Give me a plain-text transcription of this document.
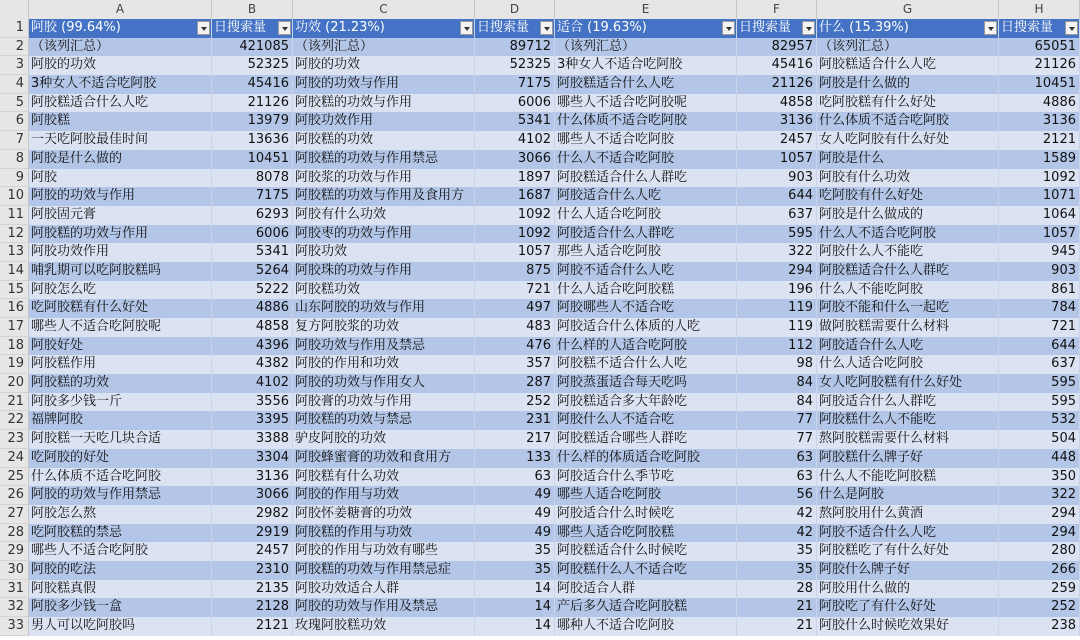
A	B	C	D	E	F	G	H
1 阿胶 (99.64%)	日搜索量	功效 (21.23%)	日搜索量	适合 (19.63%)	日搜索量	什么 (15.39%)	日搜索量
2 （该列汇总）	421085 （该列汇总）	89712 （该列汇总）	82957 （该列汇总）	65051
3 阿胶的功效	52325 阿胶的功效	52325 3种女人不适合吃阿胶	45416 阿胶糕适合什么人吃	21126
4 3种女人不适合吃阿胶	45416 阿胶的功效与作用	7175 阿胶糕适合什么人吃	21126 阿胶是什么做的	10451
5 阿胶糕适合什么人吃	21126 阿胶糕的功效与作用	6006 哪些人不适合吃阿胶呢	4858 吃阿胶糕有什么好处	4886
6 阿胶糕	13979 阿胶功效作用	5341 什么体质不适合吃阿胶	3136 什么体质不适合吃阿胶	3136
7 一天吃阿胶最佳时间	13636 阿胶糕的功效	4102 哪些人不适合吃阿胶	2457 女人吃阿胶有什么好处	2121
8 阿胶是什么做的	10451 阿胶糕的功效与作用禁忌	3066 什么人不适合吃阿胶	1057 阿胶是什么	1589
9 阿胶	8078 阿胶浆的功效与作用	1897 阿胶糕适合什么人群吃	903 阿胶有什么功效	1092
10 阿胶的功效与作用	7175 阿胶糕的功效与作用及食用方	1687 阿胶适合什么人吃	644 吃阿胶有什么好处	1071
11 阿胶固元膏	6293 阿胶有什么功效	1092 什么人适合吃阿胶	637 阿胶是什么做成的	1064
12 阿胶糕的功效与作用	6006 阿胶枣的功效与作用	1092 阿胶适合什么人群吃	595 什么人不适合吃阿胶	1057
13 阿胶功效作用	5341 阿胶功效	1057 那些人适合吃阿胶	322 阿胶什么人不能吃	945
14 哺乳期可以吃阿胶糕吗	5264 阿胶珠的功效与作用	875 阿胶不适合什么人吃	294 阿胶糕适合什么人群吃	903
15 阿胶怎么吃	5222 阿胶糕功效	721 什么人适合吃阿胶糕	196 什么人不能吃阿胶	861
16 吃阿胶糕有什么好处	4886 山东阿胶的功效与作用	497 阿胶哪些人不适合吃	119 阿胶不能和什么一起吃	784
17 哪些人不适合吃阿胶呢	4858 复方阿胶浆的功效	483 阿胶适合什么体质的人吃	119 做阿胶糕需要什么材料	721
18 阿胶好处	4396 阿胶功效与作用及禁忌	476 什么样的人适合吃阿胶	112 阿胶适合什么人吃	644
19 阿胶糕作用	4382 阿胶的作用和功效	357 阿胶糕不适合什么人吃	98 什么人适合吃阿胶	637
20 阿胶糕的功效	4102 阿胶的功效与作用女人	287 阿胶蒸蛋适合每天吃吗	84 女人吃阿胶糕有什么好处	595
21 阿胶多少钱一斤	3556 阿胶膏的功效与作用	252 阿胶糕适合多大年龄吃	84 阿胶适合什么人群吃	595
22 福牌阿胶	3395 阿胶糕的功效与禁忌	231 阿胶什么人不适合吃	77 阿胶糕什么人不能吃	532
23 阿胶糕一天吃几块合适	3388 驴皮阿胶的功效	217 阿胶糕适合哪些人群吃	77 熬阿胶糕需要什么材料	504
24 吃阿胶的好处	3304 阿胶蜂蜜膏的功效和食用方	133 什么样的体质适合吃阿胶	63 阿胶糕什么牌子好	448
25 什么体质不适合吃阿胶	3136 阿胶糕有什么功效	63 阿胶适合什么季节吃	63 什么人不能吃阿胶糕	350
26 阿胶的功效与作用禁忌	3066 阿胶的作用与功效	49 哪些人适合吃阿胶	56 什么是阿胶	322
27 阿胶怎么熬	2982 阿胶怀姜糖膏的功效	49 阿胶适合什么时候吃	42 熬阿胶用什么黄酒	294
28 吃阿胶糕的禁忌	2919 阿胶糕的作用与功效	49 哪些人适合吃阿胶糕	42 阿胶不适合什么人吃	294
29 哪些人不适合吃阿胶	2457 阿胶的作用与功效有哪些	35 阿胶糕适合什么时候吃	35 阿胶糕吃了有什么好处	280
30 阿胶的吃法	2310 阿胶糕的功效与作用禁忌症	35 阿胶糕什么人不适合吃	35 阿胶什么牌子好	266
31 阿胶糕真假	2135 阿胶功效适合人群	14 阿胶适合人群	28 阿胶用什么做的	259
32 阿胶多少钱一盒	2128 阿胶的功效与作用及禁忌	14 产后多久适合吃阿胶糕	21 阿胶吃了有什么好处	252
33 男人可以吃阿胶吗	2121 玫瑰阿胶糕功效	14 哪种人不适合吃阿胶	21 阿胶什么时候吃效果好	238
